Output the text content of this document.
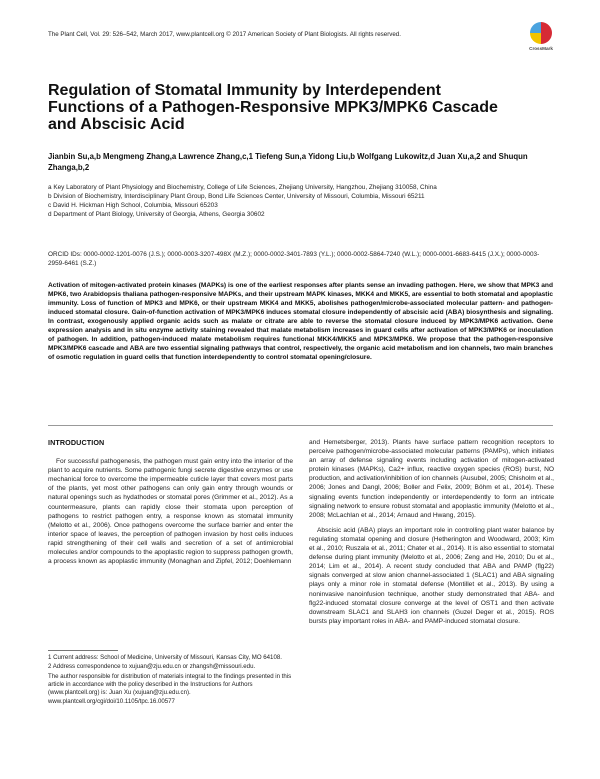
The Plant Cell, Vol. 29: 526–542, March 2017, www.plantcell.org © 2017 American Society of Plant Biologists. All rights reserved.
CrossMark
Regulation of Stomatal Immunity by Interdependent Functions of a Pathogen-Responsive MPK3/MPK6 Cascade and Abscisic Acid
Jianbin Su,a,b Mengmeng Zhang,a Lawrence Zhang,c,1 Tiefeng Sun,a Yidong Liu,b Wolfgang Lukowitz,d Juan Xu,a,2 and Shuqun Zhanga,b,2
a Key Laboratory of Plant Physiology and Biochemistry, College of Life Sciences, Zhejiang University, Hangzhou, Zhejiang 310058, China
b Division of Biochemistry, Interdisciplinary Plant Group, Bond Life Sciences Center, University of Missouri, Columbia, Missouri 65211
c David H. Hickman High School, Columbia, Missouri 65203
d Department of Plant Biology, University of Georgia, Athens, Georgia 30602
ORCID IDs: 0000-0002-1201-0076 (J.S.); 0000-0003-3207-498X (M.Z.); 0000-0002-3401-7893 (Y.L.); 0000-0002-5864-7240 (W.L.); 0000-0001-6683-6415 (J.X.); 0000-0003-2959-6461 (S.Z.)
Activation of mitogen-activated protein kinases (MAPKs) is one of the earliest responses after plants sense an invading pathogen. Here, we show that MPK3 and MPK6, two Arabidopsis thaliana pathogen-responsive MAPKs, and their upstream MAPK kinases, MKK4 and MKK5, are essential to both stomatal and apoplastic immunity. Loss of function of MPK3 and MPK6, or their upstream MKK4 and MKK5, abolishes pathogen/microbe-associated molecular pattern- and pathogen-induced stomatal closure. Gain-of-function activation of MPK3/MPK6 induces stomatal closure independently of abscisic acid (ABA) biosynthesis and signaling. In contrast, exogenously applied organic acids such as malate or citrate are able to reverse the stomatal closure induced by MPK3/MPK6 activation. Gene expression analysis and in situ enzyme activity staining revealed that malate metabolism increases in guard cells after activation of MPK3/MPK6 or inoculation of pathogen. In addition, pathogen-induced malate metabolism requires functional MKK4/MKK5 and MPK3/MPK6. We propose that the pathogen-responsive MPK3/MPK6 cascade and ABA are two essential signaling pathways that control, respectively, the organic acid metabolism and ion channels, two main branches of osmotic regulation in guard cells that function interdependently to control stomatal opening/closure.
INTRODUCTION

For successful pathogenesis, the pathogen must gain entry into the interior of the plant to acquire nutrients. Some pathogenic fungi secrete digestive enzymes or use mechanical force to overcome the impermeable cuticle layer that covers most parts of the plants, yet most other pathogens can only gain entry through wounds or natural openings such as hydathodes or stomatal pores (Grimmer et al., 2012). As a countermeasure, plants can rapidly close their stomata upon perception of pathogens to restrict pathogen entry, a response known as stomatal immunity (Melotto et al., 2006). Once pathogens overcome the surface barrier and enter the interior space of leaves, the perception of pathogen invasion by host cells induces rapid strengthening of their cell walls and secretion of a set of antimicrobial molecules and/or compounds to the apoplastic region to suppress pathogen growth, a process known as apoplastic immunity (Monaghan and Zipfel, 2012; Doehlemann

1 Current address: School of Medicine, University of Missouri, Kansas City, MO 64108.
2 Address correspondence to xujuan@zju.edu.cn or zhangsh@missouri.edu.
The author responsible for distribution of materials integral to the findings presented in this article in accordance with the policy described in the Instructions for Authors (www.plantcell.org) is: Juan Xu (xujuan@zju.edu.cn).
www.plantcell.org/cgi/doi/10.1105/tpc.16.00577

and Hemetsberger, 2013). Plants have surface pattern recognition receptors to perceive pathogen/microbe-associated molecular patterns (PAMPs), which initiates an array of defense signaling events including activation of mitogen-activated protein kinases (MAPKs), Ca2+ influx, reactive oxygen species (ROS) burst, NO production, and activation/inhibition of ion channels (Ausubel, 2005; Chisholm et al., 2006; Jones and Dangl, 2006; Boller and Felix, 2009; Böhm et al., 2014). These signaling events function independently or interdependently to form an intricate signaling network to ensure robust stomatal and apoplastic immunity (Melotto et al., 2008; McLachlan et al., 2014; Arnaud and Hwang, 2015).

Abscisic acid (ABA) plays an important role in controlling plant water balance by regulating stomatal opening and closure (Hetherington and Woodward, 2003; Kim et al., 2010; Ruszala et al., 2011; Chater et al., 2014). It is also essential to stomatal defense during plant immunity (Melotto et al., 2006; Zeng and He, 2010; Du et al., 2014; Lim et al., 2014). A recent study concluded that ABA and PAMP (flg22) signals converged at slow anion channel-associated 1 (SLAC1) and ABA signaling plays only a minor role in stomatal defense (Montillet et al., 2013). By using a noninvasive nanoinfusion technique, another study demonstrated that ABA- and flg22-induced stomatal closure converge at the level of OST1 and then activate downstream SLAC1 and SLAH3 ion channels (Guzel Deger et al., 2015). ROS bursts play important roles in ABA- and PAMP-induced stomatal closure.
